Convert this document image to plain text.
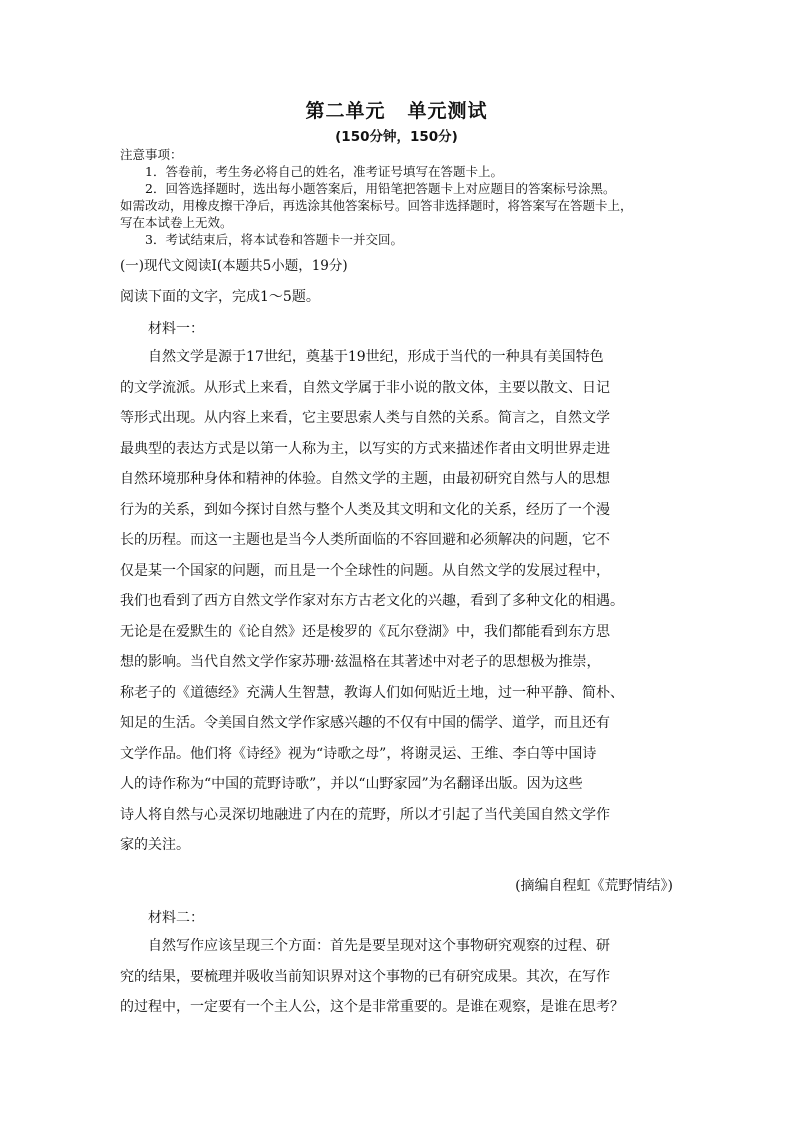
第二单元 单元测试
(150分钟，150分)

注意事项：

1．答卷前，考生务必将自己的姓名，准考证号填写在答题卡上。

2．回答选择题时，选出每小题答案后，用铅笔把答题卡上对应题目的答案标号涂黑。

如需改动，用橡皮擦干净后，再选涂其他答案标号。回答非选择题时，将答案写在答题卡上，

写在本试卷上无效。

3．考试结束后，将本试卷和答题卡一并交回。

(一)现代文阅读Ⅰ(本题共5小题，19分)
阅读下面的文字，完成1～5题。
材料一：
自然文学是源于17世纪，奠基于19世纪，形成于当代的一种具有美国特色
的文学流派。从形式上来看，自然文学属于非小说的散文体，主要以散文、日记
等形式出现。从内容上来看，它主要思索人类与自然的关系。简言之，自然文学
最典型的表达方式是以第一人称为主，以写实的方式来描述作者由文明世界走进
自然环境那种身体和精神的体验。自然文学的主题，由最初研究自然与人的思想
行为的关系，到如今探讨自然与整个人类及其文明和文化的关系，经历了一个漫
长的历程。而这一主题也是当今人类所面临的不容回避和必须解决的问题，它不
仅是某一个国家的问题，而且是一个全球性的问题。从自然文学的发展过程中，
我们也看到了西方自然文学作家对东方古老文化的兴趣，看到了多种文化的相遇。
无论是在爱默生的《论自然》还是梭罗的《瓦尔登湖》中，我们都能看到东方思
想的影响。当代自然文学作家苏珊·兹温格在其著述中对老子的思想极为推崇，
称老子的《道德经》充满人生智慧，教诲人们如何贴近土地，过一种平静、简朴、
知足的生活。令美国自然文学作家感兴趣的不仅有中国的儒学、道学，而且还有
文学作品。他们将《诗经》视为“诗歌之母”，将谢灵运、王维、李白等中国诗
人的诗作称为“中国的荒野诗歌”，并以“山野家园”为名翻译出版。因为这些
诗人将自然与心灵深切地融进了内在的荒野，所以才引起了当代美国自然文学作
家的关注。
(摘编自程虹《荒野情结》)
材料二：
自然写作应该呈现三个方面：首先是要呈现对这个事物研究观察的过程、研
究的结果，要梳理并吸收当前知识界对这个事物的已有研究成果。其次，在写作
的过程中，一定要有一个主人公，这个是非常重要的。是谁在观察，是谁在思考？
